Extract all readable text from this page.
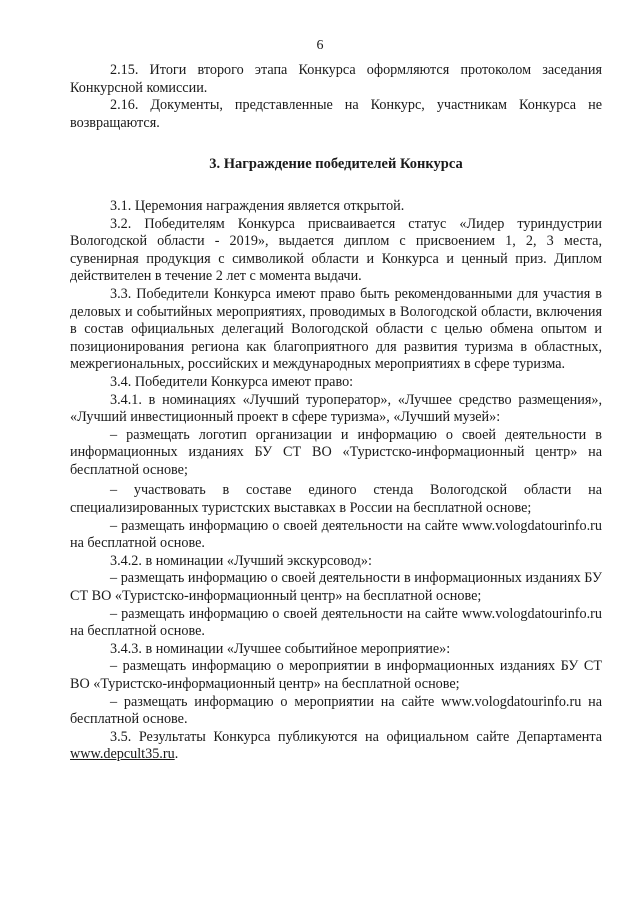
6

2.15. Итоги второго этапа Конкурса оформляются протоколом заседания Конкурсной комиссии.

2.16. Документы, представленные на Конкурс, участникам Конкурса не возвращаются.

3. Награждение победителей Конкурса

3.1. Церемония награждения является открытой.

3.2. Победителям Конкурса присваивается статус «Лидер туриндустрии Вологодской области - 2019», выдается диплом с присвоением 1, 2, 3 места, сувенирная продукция с символикой области и Конкурса и ценный приз. Диплом действителен в течение 2 лет с момента выдачи.

3.3. Победители Конкурса имеют право быть рекомендованными для участия в деловых и событийных мероприятиях, проводимых в Вологодской области, включения в состав официальных делегаций Вологодской области с целью обмена опытом и позиционирования региона как благоприятного для развития туризма в областных, межрегиональных, российских и международных мероприятиях в сфере туризма.

3.4. Победители Конкурса имеют право:

3.4.1. в номинациях «Лучший туроператор», «Лучшее средство размещения», «Лучший инвестиционный проект в сфере туризма», «Лучший музей»:

– размещать логотип организации и информацию о своей деятельности в информационных изданиях БУ СТ ВО «Туристско-информационный центр» на бесплатной основе;

– участвовать в составе единого стенда Вологодской области на специализированных туристских выставках в России на бесплатной основе;

– размещать информацию о своей деятельности на сайте www.vologdatourinfo.ru на бесплатной основе.

3.4.2. в номинации «Лучший экскурсовод»:

– размещать информацию о своей деятельности в информационных изданиях БУ СТ ВО «Туристско-информационный центр» на бесплатной основе;

– размещать информацию о своей деятельности на сайте www.vologdatourinfo.ru на бесплатной основе.

3.4.3. в номинации «Лучшее событийное мероприятие»:

– размещать информацию о мероприятии в информационных изданиях БУ СТ ВО «Туристско-информационный центр» на бесплатной основе;

– размещать информацию о мероприятии на сайте www.vologdatourinfo.ru на бесплатной основе.

3.5. Результаты Конкурса публикуются на официальном сайте Департамента www.depcult35.ru.
